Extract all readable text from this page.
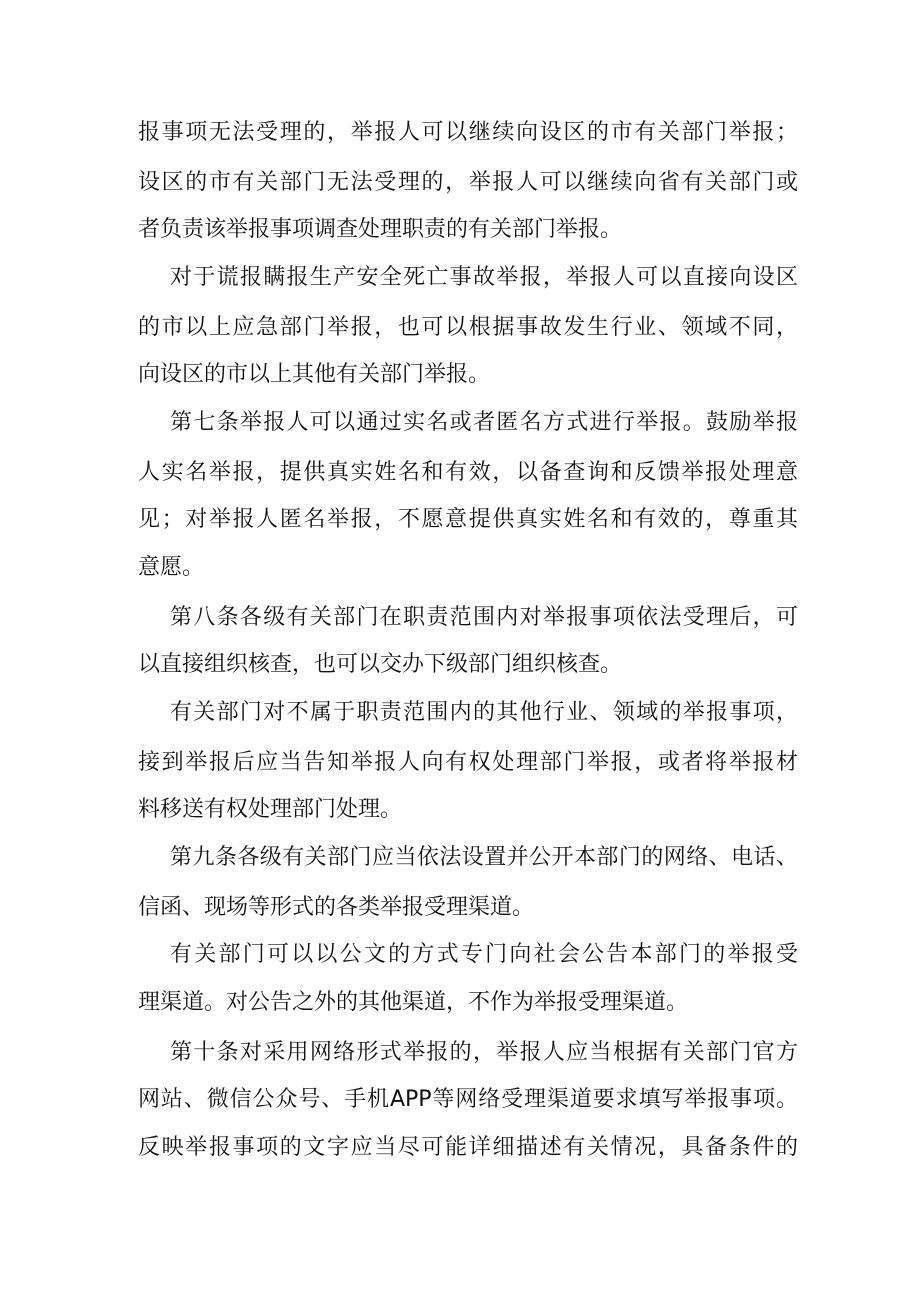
报事项无法受理的，举报人可以继续向设区的市有关部门举报；
设区的市有关部门无法受理的，举报人可以继续向省有关部门或
者负责该举报事项调查处理职责的有关部门举报。
对于谎报瞒报生产安全死亡事故举报，举报人可以直接向设区
的市以上应急部门举报，也可以根据事故发生行业、领域不同，
向设区的市以上其他有关部门举报。
第七条举报人可以通过实名或者匿名方式进行举报。鼓励举报
人实名举报，提供真实姓名和有效，以备查询和反馈举报处理意
见；对举报人匿名举报，不愿意提供真实姓名和有效的，尊重其
意愿。
第八条各级有关部门在职责范围内对举报事项依法受理后，可
以直接组织核查，也可以交办下级部门组织核查。
有关部门对不属于职责范围内的其他行业、领域的举报事项，
接到举报后应当告知举报人向有权处理部门举报，或者将举报材
料移送有权处理部门处理。
第九条各级有关部门应当依法设置并公开本部门的网络、电话、
信函、现场等形式的各类举报受理渠道。
有关部门可以以公文的方式专门向社会公告本部门的举报受
理渠道。对公告之外的其他渠道，不作为举报受理渠道。
第十条对采用网络形式举报的，举报人应当根据有关部门官方
网站、微信公众号、手机APP等网络受理渠道要求填写举报事项。
反映举报事项的文字应当尽可能详细描述有关情况，具备条件的
